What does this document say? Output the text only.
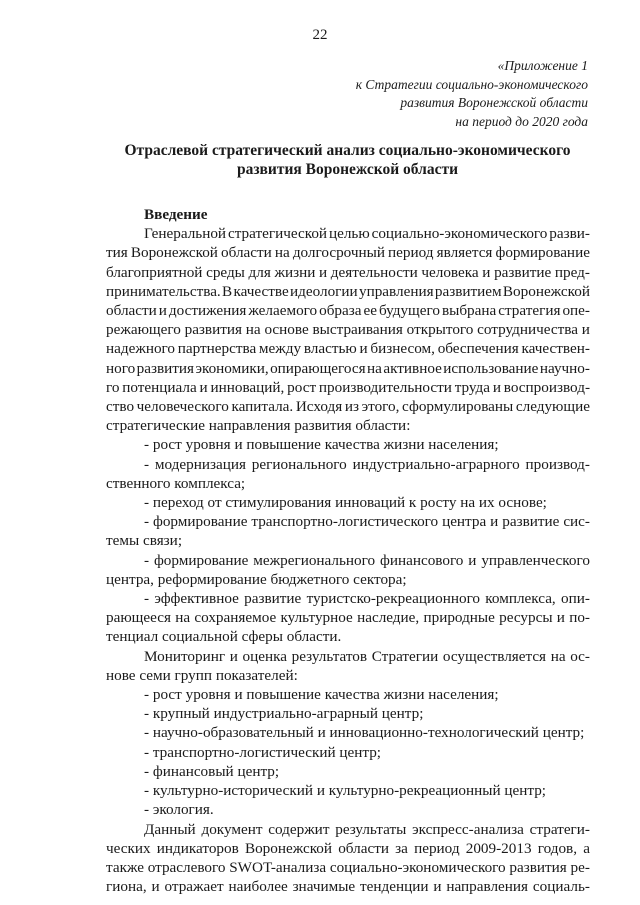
22
«Приложение 1
к Стратегии социально-экономического
развития Воронежской области
на период до 2020 года
Отраслевой стратегический анализ социально-экономического
развития Воронежской области
Введение
Генеральной стратегической целью социально-экономического разви-
тия Воронежской области на долгосрочный период является формирование
благоприятной среды для жизни и деятельности человека и развитие пред-
принимательства. В качестве идеологии управления развитием Воронежской
области и достижения желаемого образа ее будущего выбрана стратегия опе-
режающего развития на основе выстраивания открытого сотрудничества и
надежного партнерства между властью и бизнесом, обеспечения качествен-
ного развития экономики, опирающегося на активное использование научно-
го потенциала и инноваций, рост производительности труда и воспроизвод-
ство человеческого капитала. Исходя из этого, сформулированы следующие
стратегические направления развития области:
- рост уровня и повышение качества жизни населения;
- модернизация регионального индустриально-аграрного производ-
ственного комплекса;
- переход от стимулирования инноваций к росту на их основе;
- формирование транспортно-логистического центра и развитие сис-
темы связи;
- формирование межрегионального финансового и управленческого
центра, реформирование бюджетного сектора;
- эффективное развитие туристско-рекреационного комплекса, опи-
рающееся на сохраняемое культурное наследие, природные ресурсы и по-
тенциал социальной сферы области.
Мониторинг и оценка результатов Стратегии осуществляется на ос-
нове семи групп показателей:
- рост уровня и повышение качества жизни населения;
- крупный индустриально-аграрный центр;
- научно-образовательный и инновационно-технологический центр;
- транспортно-логистический центр;
- финансовый центр;
- культурно-исторический и культурно-рекреационный центр;
- экология.
Данный документ содержит результаты экспресс-анализа стратеги-
ческих индикаторов Воронежской области за период 2009-2013 годов, а
также отраслевого SWOT-анализа социально-экономического развития ре-
гиона, и отражает наиболее значимые тенденции и направления социаль-
